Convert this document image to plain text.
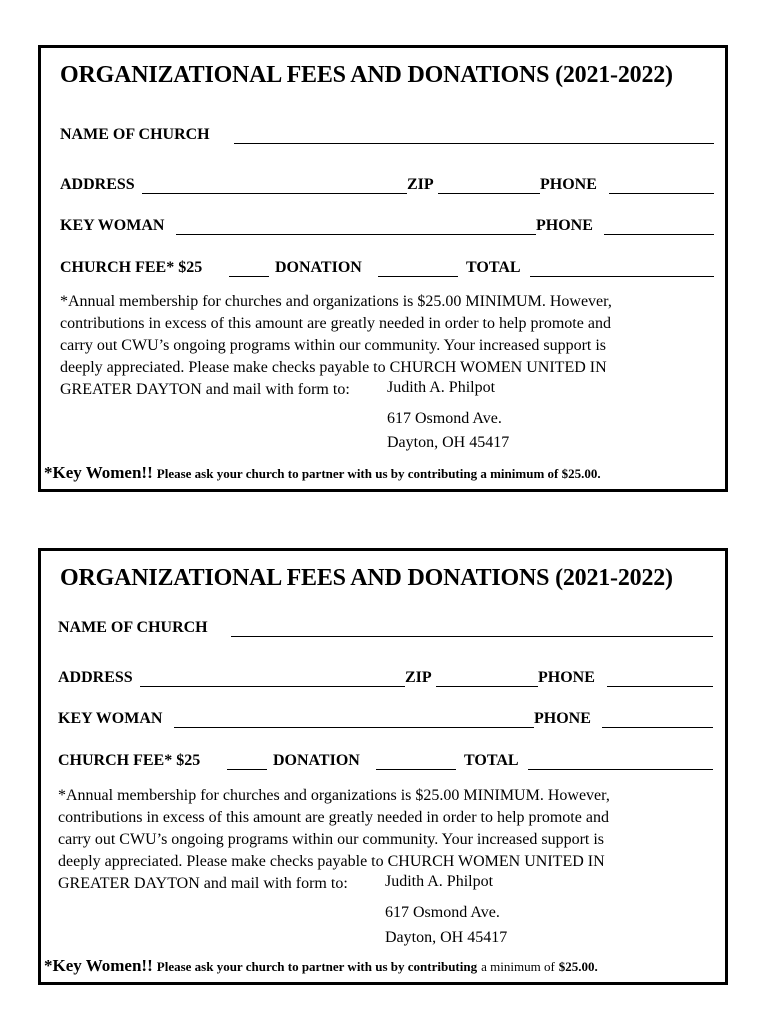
ORGANIZATIONAL FEES AND DONATIONS (2021-2022)
NAME OF CHURCH
ADDRESS	ZIP	PHONE
KEY WOMAN	PHONE
CHURCH FEE* $25	DONATION	TOTAL

*Annual membership for churches and organizations is $25.00 MINIMUM. However,

contributions in excess of this amount are greatly needed in order to help promote and

carry out CWU’s ongoing programs within our community. Your increased support is

deeply appreciated. Please make checks payable to CHURCH WOMEN UNITED IN

GREATER DAYTON and mail with form to:	Judith A. Philpot
617 Osmond Ave.
Dayton, OH 45417
*Key Women!! Please ask your church to partner with us by contributing a minimum of $25.00.
ORGANIZATIONAL FEES AND DONATIONS (2021-2022)
NAME OF CHURCH
ADDRESS	ZIP	PHONE
KEY WOMAN	PHONE
CHURCH FEE* $25	DONATION	TOTAL

*Annual membership for churches and organizations is $25.00 MINIMUM. However,

contributions in excess of this amount are greatly needed in order to help promote and

carry out CWU’s ongoing programs within our community. Your increased support is

deeply appreciated. Please make checks payable to CHURCH WOMEN UNITED IN

GREATER DAYTON and mail with form to:	Judith A. Philpot
617 Osmond Ave.
Dayton, OH 45417
*Key Women!! Please ask your church to partner with us by contributing a minimum of $25.00.
